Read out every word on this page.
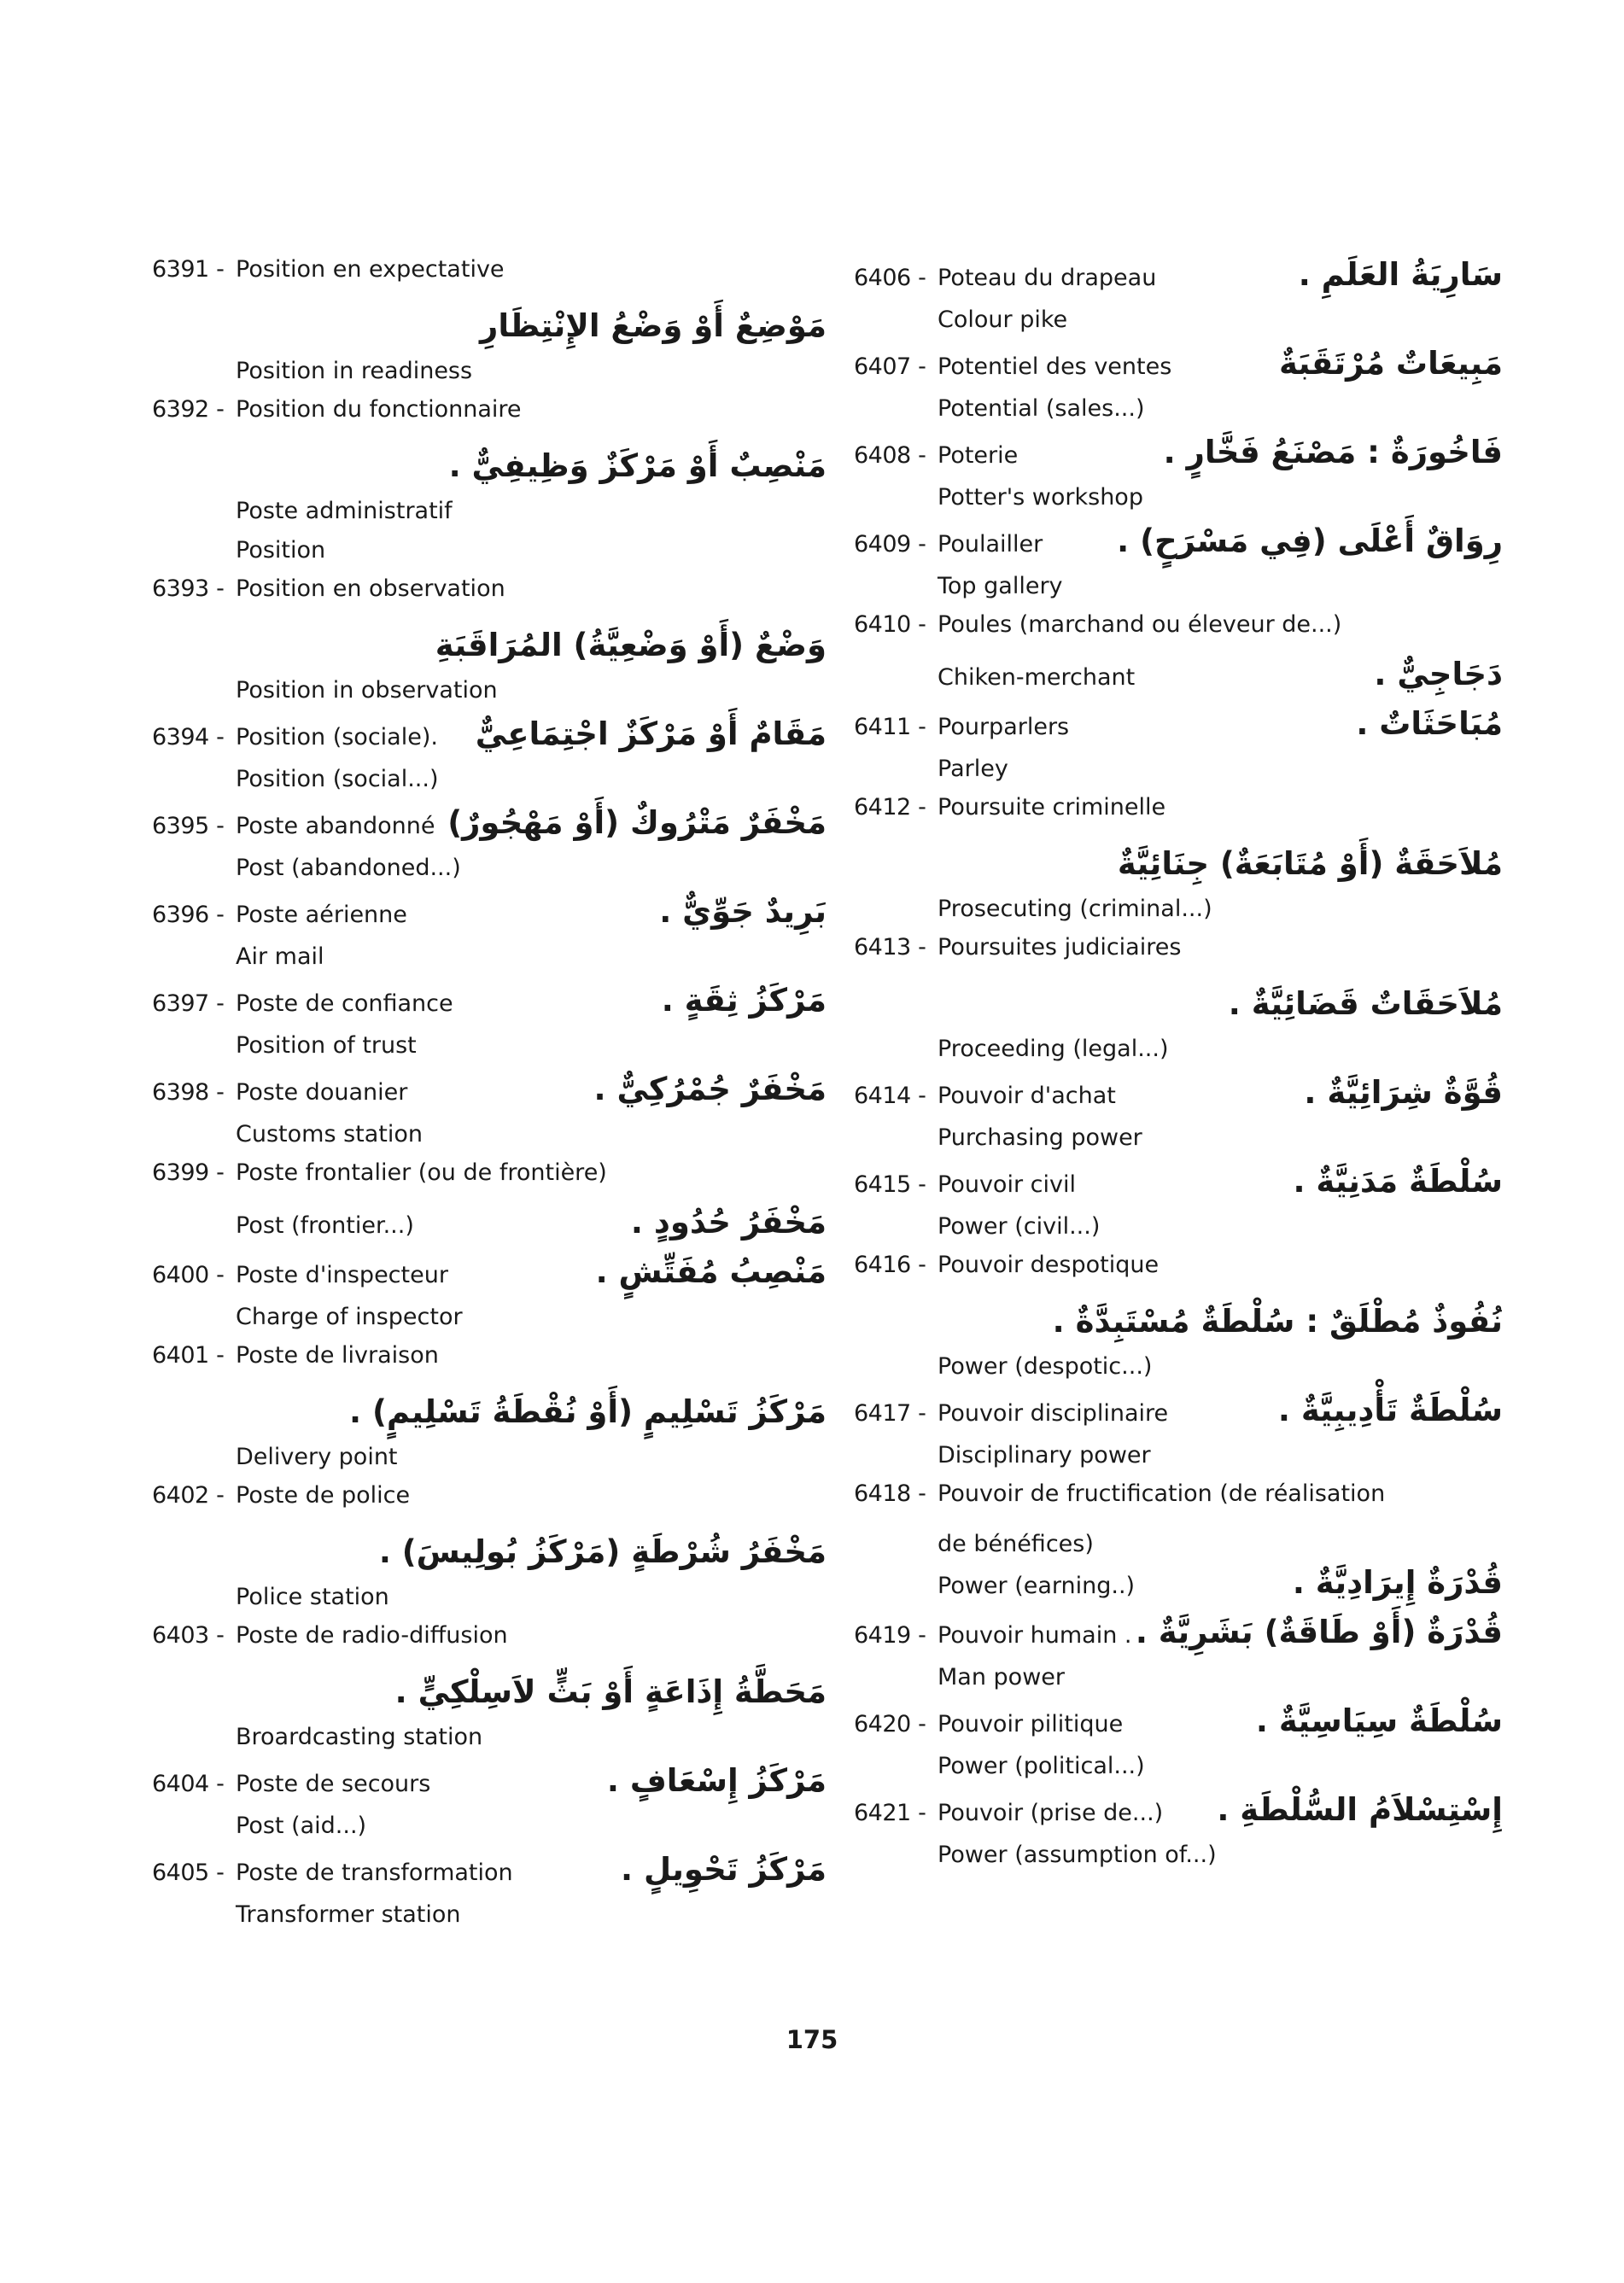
6391 - Position en expectative
مَوْضِعٌ أَوْ وَضْعُ الإِنْتِظَارِ
Position in readiness
6392 - Position du fonctionnaire
مَنْصِبٌ أَوْ مَرْكَزٌ وَظِيفِيٌّ .
Poste administratif
Position
6393 - Position en observation
وَضْعٌ (أَوْ وَضْعِيَّةُ) المُرَاقَبَةِ
Position in observation
6394 - Position (sociale). مَقَامٌ أَوْ مَرْكَزٌ اجْتِمَاعِيٌّ
Position (social...)
6395 - Poste abandonné مَخْفَرٌ مَتْرُوكٌ (أَوْ مَهْجُورٌ)
Post (abandoned...)
6396 - Poste aérienne	بَرِيدٌ جَوِّيٌّ .
Air mail
6397 - Poste de confiance	مَرْكَزُ ثِقَةٍ .
Position of trust
6398 - Poste douanier	مَخْفَرٌ جُمْرُكِيٌّ .
Customs station
6399 - Poste frontalier (ou de frontière)
Post (frontier...)	مَخْفَرُ حُدُودٍ .
6400 - Poste d'inspecteur	مَنْصِبُ مُفَتِّشٍ .
Charge of inspector
6401 - Poste de livraison
مَرْكَزُ تَسْلِيمٍ (أَوْ نُقْطَةُ تَسْلِيمٍ) .
Delivery point
6402 - Poste de police
مَخْفَرُ شُرْطَةٍ (مَرْكَزُ بُولِيسَ) .
Police station
6403 - Poste de radio-diffusion
مَحَطَّةُ إِذَاعَةٍ أَوْ بَثٍّ لاَسِلْكِيٍّ .
Broardcasting station
6404 - Poste de secours	مَرْكَزُ إِسْعَافٍ .
Post (aid...)
6405 - Poste de transformation	مَرْكَزُ تَحْوِيلٍ .
Transformer station
6406 - Poteau du drapeau	سَارِيَةُ العَلَمِ .
Colour pike
6407 - Potentiel des ventes	مَبِيعَاتٌ مُرْتَقَبَةٌ
Potential (sales...)
6408 - Poterie	فَاخُورَةٌ : مَصْنَعُ فَخَّارٍ .
Potter's workshop
6409 - Poulailler رِوَاقٌ أَعْلَى (فِي مَسْرَحٍ) .
Top gallery
6410 - Poules (marchand ou éleveur de...)
Chiken-merchant	دَجَاجِيٌّ .
6411 - Pourparlers	مُبَاحَثَاتٌ .
Parley
6412 - Poursuite criminelle
مُلاَحَقَةٌ (أَوْ مُتَابَعَةٌ) جِنَائِيَّةٌ
Prosecuting (criminal...)
6413 - Poursuites judiciaires
مُلاَحَقَاتٌ قَضَائِيَّةٌ .
Proceeding (legal...)
6414 - Pouvoir d'achat	قُوَّةٌ شِرَائِيَّةٌ .
Purchasing power
6415 - Pouvoir civil	سُلْطَةٌ مَدَنِيَّةٌ .
Power (civil...)
6416 - Pouvoir despotique
نُفُوذٌ مُطْلَقٌ : سُلْطَةٌ مُسْتَبِدَّةٌ .
Power (despotic...)
6417 - Pouvoir disciplinaire	سُلْطَةٌ تَأْدِيبِيَّةٌ .
Disciplinary power
6418 - Pouvoir de fructification (de réalisation
de bénéfices)
Power (earning..)	قُدْرَةٌ إِيرَادِيَّةٌ .
6419 - Pouvoir humain . قُدْرَةٌ (أَوْ طَاقَةٌ) بَشَرِيَّةٌ .
Man power
6420 - Pouvoir pilitique	سُلْطَةٌ سِيَاسِيَّةٌ .
Power (political...)
6421 - Pouvoir (prise de...) إِسْتِسْلاَمُ السُّلْطَةِ .
Power (assumption of...)
175
